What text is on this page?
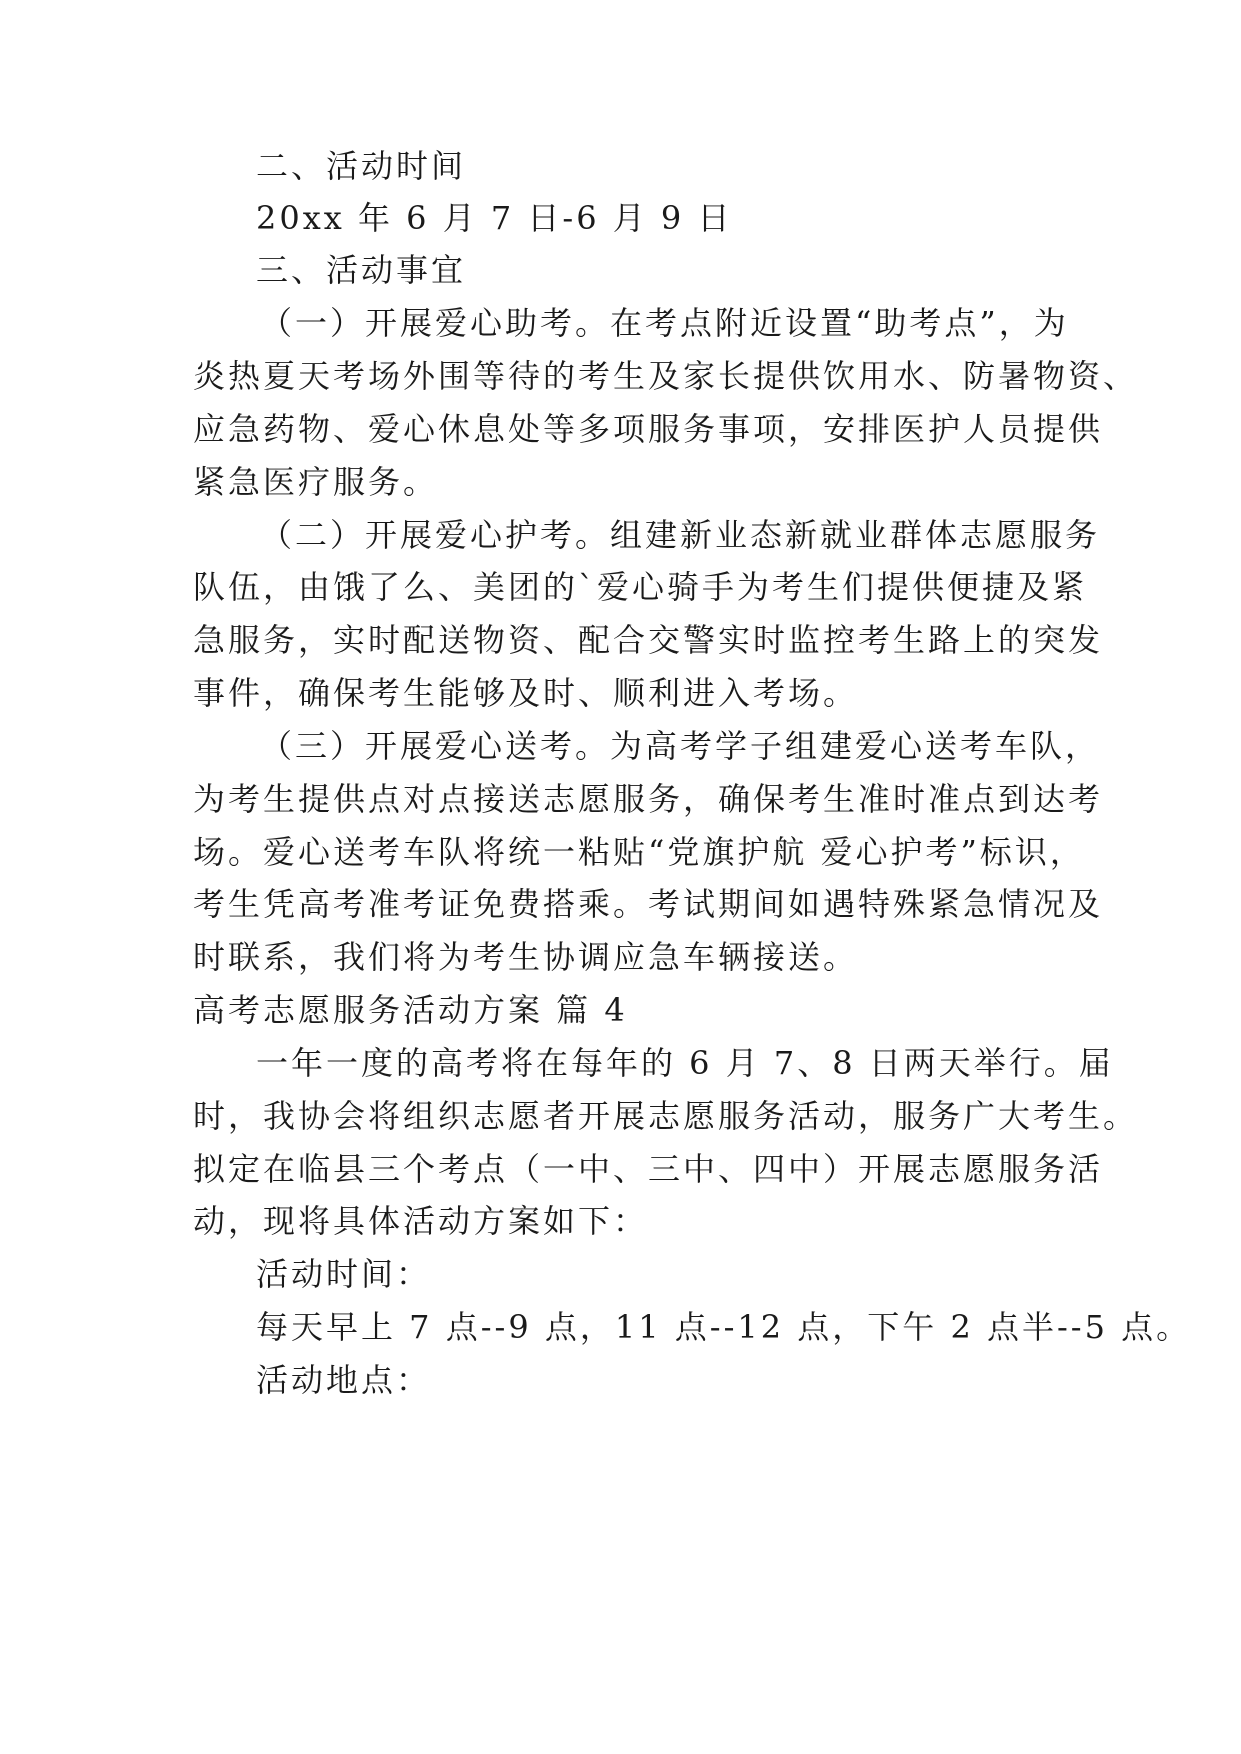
二、活动时间
20xx 年 6 月 7 日-6 月 9 日
三、活动事宜
（一）开展爱心助考。在考点附近设置“助考点”，为
炎热夏天考场外围等待的考生及家长提供饮用水、防暑物资、
应急药物、爱心休息处等多项服务事项，安排医护人员提供
紧急医疗服务。
（二）开展爱心护考。组建新业态新就业群体志愿服务
队伍，由饿了么、美团的`爱心骑手为考生们提供便捷及紧
急服务，实时配送物资、配合交警实时监控考生路上的突发
事件，确保考生能够及时、顺利进入考场。
（三）开展爱心送考。为高考学子组建爱心送考车队，
为考生提供点对点接送志愿服务，确保考生准时准点到达考
场。爱心送考车队将统一粘贴“党旗护航 爱心护考”标识，
考生凭高考准考证免费搭乘。考试期间如遇特殊紧急情况及
时联系，我们将为考生协调应急车辆接送。
高考志愿服务活动方案 篇 4
一年一度的高考将在每年的 6 月 7、8 日两天举行。届
时，我协会将组织志愿者开展志愿服务活动，服务广大考生。
拟定在临县三个考点（一中、三中、四中）开展志愿服务活
动，现将具体活动方案如下：
活动时间：
每天早上 7 点--9 点，11 点--12 点，下午 2 点半--5 点。
活动地点：
